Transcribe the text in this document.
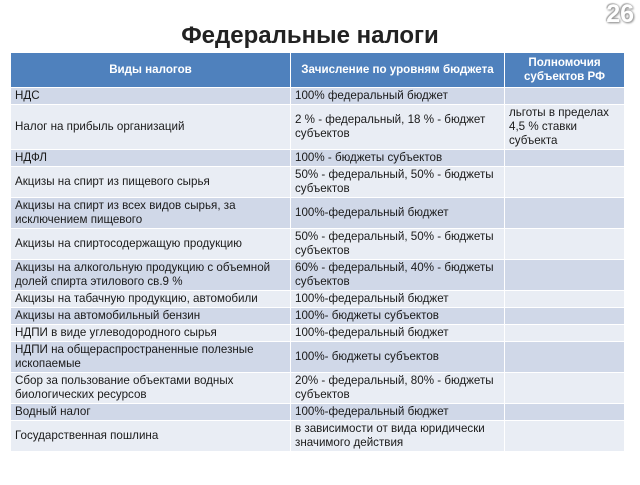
26
Федеральные налоги
Виды налогов	Зачисление по уровням бюджета	Полномочия субъектов РФ
НДС	100% федеральный бюджет	
Налог на прибыль организаций	2 % - федеральный, 18 % - бюджет субъектов	льготы в пределах 4,5 % ставки субъекта
НДФЛ	100% - бюджеты субъектов	
Акцизы на спирт из пищевого сырья	50% - федеральный, 50% - бюджеты субъектов	
Акцизы на спирт из всех видов сырья, за исключением пищевого	100%-федеральный бюджет	
Акцизы на спиртосодержащую продукцию	50% - федеральный, 50% - бюджеты субъектов	
Акцизы на алкогольную продукцию с объемной долей спирта этилового св.9 %	60% - федеральный, 40% - бюджеты субъектов	
Акцизы на табачную продукцию, автомобили	100%-федеральный бюджет	
Акцизы на автомобильный бензин	100%- бюджеты субъектов	
НДПИ в виде углеводородного сырья	100%-федеральный бюджет	
НДПИ на общераспространенные полезные ископаемые	100%- бюджеты субъектов	
Сбор за пользование объектами водных биологических ресурсов	20% - федеральный, 80% - бюджеты субъектов	
Водный налог	100%-федеральный бюджет	
Государственная пошлина	в зависимости от вида юридически значимого действия	
